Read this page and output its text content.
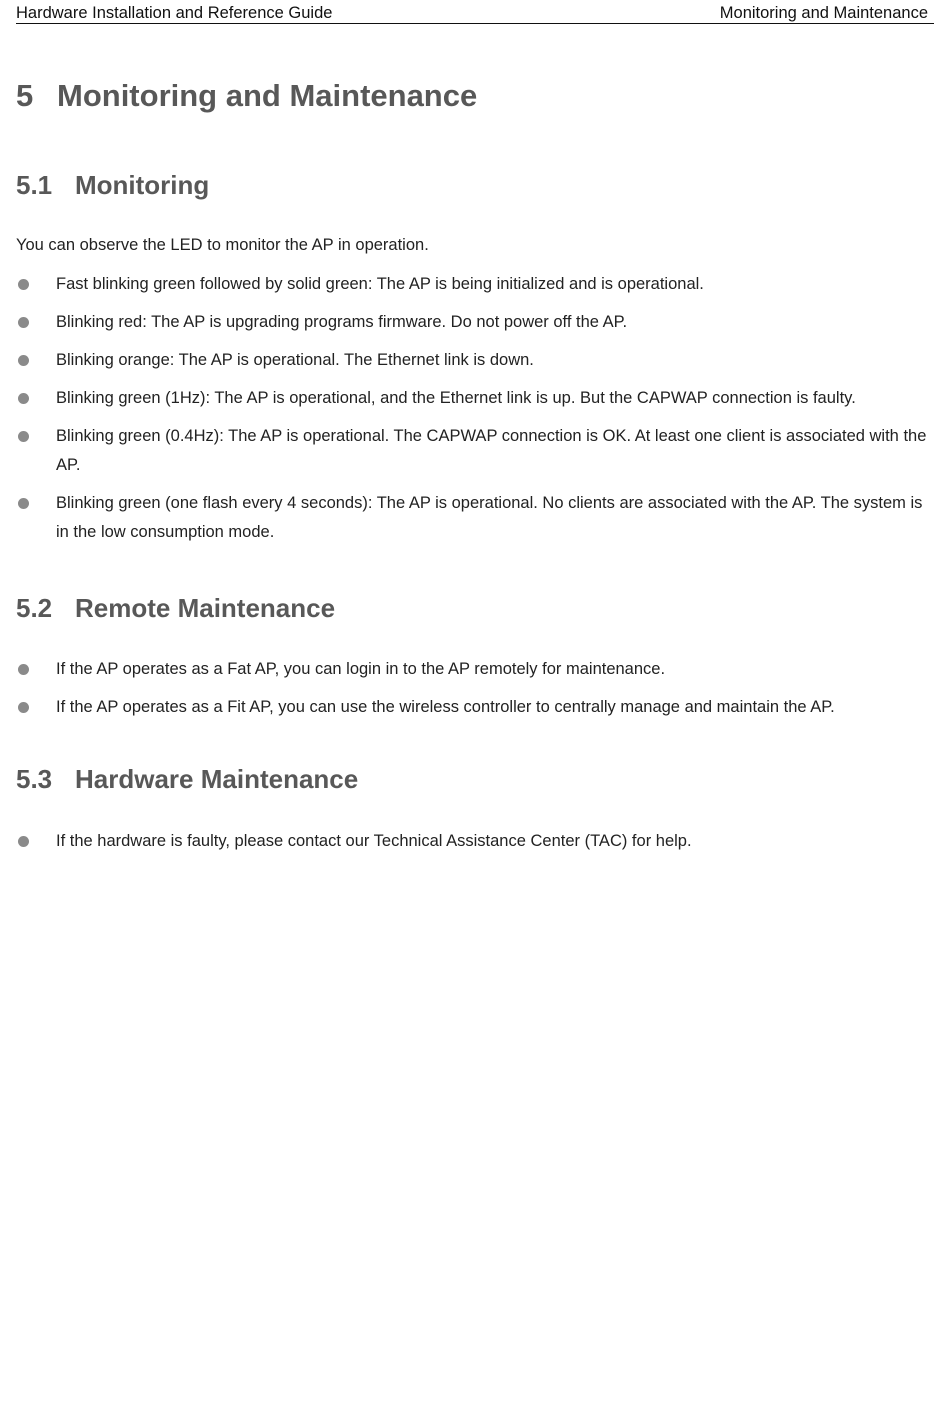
Hardware Installation and Reference Guide	Monitoring and Maintenance
5 Monitoring and Maintenance
5.1 Monitoring

You can observe the LED to monitor the AP in operation.

Fast blinking green followed by solid green: The AP is being initialized and is operational.
Blinking red: The AP is upgrading programs firmware. Do not power off the AP.
Blinking orange: The AP is operational. The Ethernet link is down.
Blinking green (1Hz): The AP is operational, and the Ethernet link is up. But the CAPWAP connection is faulty.
Blinking green (0.4Hz): The AP is operational. The CAPWAP connection is OK. At least one client is associated with the AP.
Blinking green (one flash every 4 seconds): The AP is operational. No clients are associated with the AP. The system is in the low consumption mode.
5.2 Remote Maintenance
If the AP operates as a Fat AP, you can login in to the AP remotely for maintenance.
If the AP operates as a Fit AP, you can use the wireless controller to centrally manage and maintain the AP.
5.3 Hardware Maintenance
If the hardware is faulty, please contact our Technical Assistance Center (TAC) for help.
